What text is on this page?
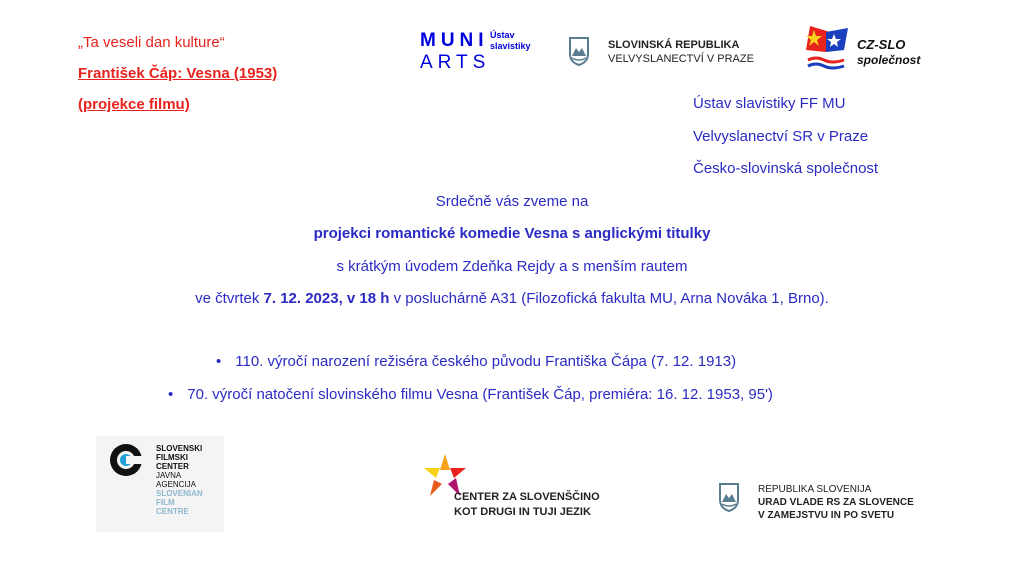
„Ta veseli dan kulture“
František Čáp: Vesna (1953)
(projekce filmu)
MUNI
ARTS
Ústav
slavistiky	SLOVINSKÁ REPUBLIKA
VELVYSLANECTVÍ V PRAZE
CZ-SLO
společnost
Ústav slavistiky FF MU
Velvyslanectví SR v Praze
Česko-slovinská společnost
Srdečně vás zveme na
projekci romantické komedie Vesna s anglickými titulky
s krátkým úvodem Zdeňka Rejdy a s menším rautem
ve čtvrtek 7. 12. 2023, v 18 h v posluchárně A31 (Filozofická fakulta MU, Arna Nováka 1, Brno).
• 110. výročí narození režiséra českého původu Františka Čápa (7. 12. 1913)
• 70. výročí natočení slovinského filmu Vesna (František Čáp, premiéra: 16. 12. 1953, 95')
SLOVENSKI
FILMSKI
CENTER
JAVNA
AGENCIJA
SLOVENIAN
FILM
CENTRE
CENTER ZA SLOVENŠČINO
KOT DRUGI IN TUJI JEZIK
REPUBLIKA SLOVENIJA
URAD VLADE RS ZA SLOVENCE
V ZAMEJSTVU IN PO SVETU
